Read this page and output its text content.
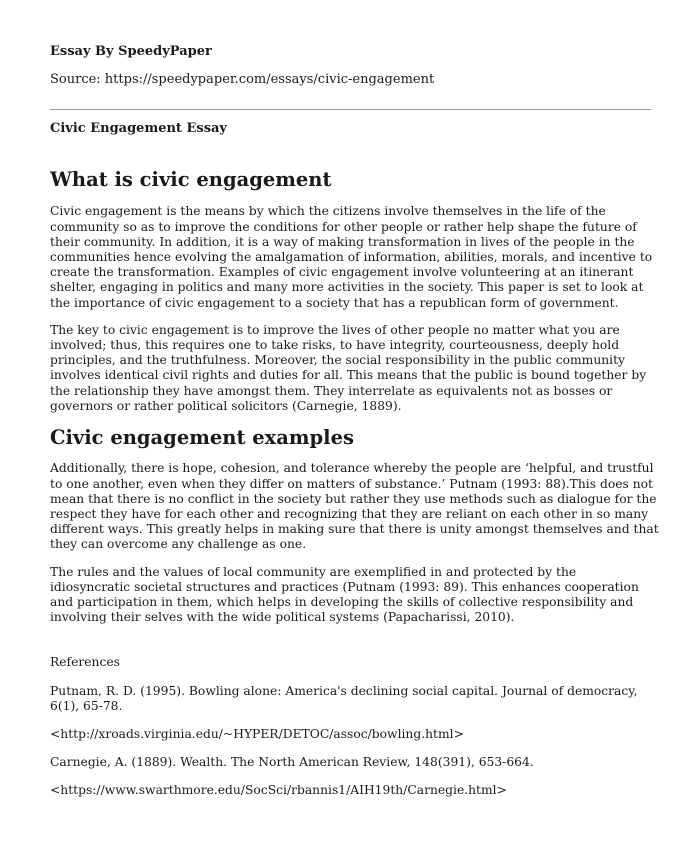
Essay By SpeedyPaper
Source: https://speedypaper.com/essays/civic-engagement
Civic Engagement Essay
What is civic engagement

Civic engagement is the means by which the citizens involve themselves in the life of the community so as to improve the conditions for other people or rather help shape the future of their community. In addition, it is a way of making transformation in lives of the people in the communities hence evolving the amalgamation of information, abilities, morals, and incentive to create the transformation. Examples of civic engagement involve volunteering at an itinerant shelter, engaging in politics and many more activities in the society. This paper is set to look at the importance of civic engagement to a society that has a republican form of government.

The key to civic engagement is to improve the lives of other people no matter what you are involved; thus, this requires one to take risks, to have integrity, courteousness, deeply hold principles, and the truthfulness. Moreover, the social responsibility in the public community involves identical civil rights and duties for all. This means that the public is bound together by the relationship they have amongst them. They interrelate as equivalents not as bosses or governors or rather political solicitors (Carnegie, 1889).

Civic engagement examples

Additionally, there is hope, cohesion, and tolerance whereby the people are ‘helpful, and trustful to one another, even when they differ on matters of substance.’ Putnam (1993: 88).This does not mean that there is no conflict in the society but rather they use methods such as dialogue for the respect they have for each other and recognizing that they are reliant on each other in so many different ways. This greatly helps in making sure that there is unity amongst themselves and that they can overcome any challenge as one.

The rules and the values of local community are exemplified in and protected by the idiosyncratic societal structures and practices (Putnam (1993: 89). This enhances cooperation and participation in them, which helps in developing the skills of collective responsibility and involving their selves with the wide political systems (Papacharissi, 2010).

References

Putnam, R. D. (1995). Bowling alone: America's declining social capital. Journal of democracy, 6(1), 65-78.

<http://xroads.virginia.edu/~HYPER/DETOC/assoc/bowling.html>

Carnegie, A. (1889). Wealth. The North American Review, 148(391), 653-664.

<https://www.swarthmore.edu/SocSci/rbannis1/AIH19th/Carnegie.html>
